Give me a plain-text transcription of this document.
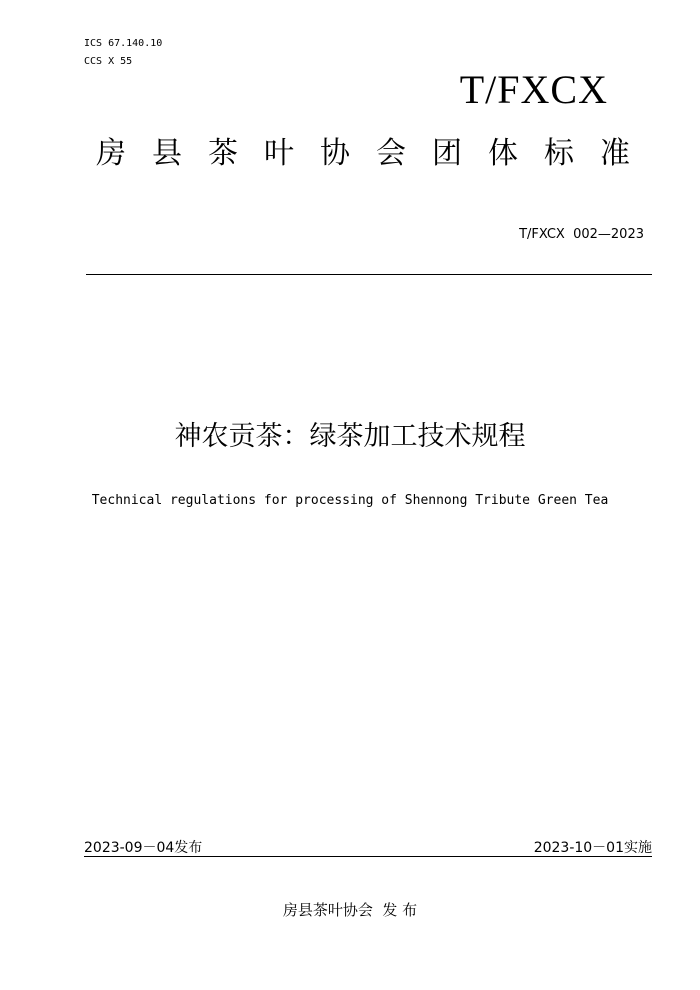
ICS 67.140.10
CCS X 55
T/FXCX
房 县 茶 叶 协 会 团 体 标 准
T/FXCX  002—2023
神农贡茶：绿茶加工技术规程
Technical regulations for processing of Shennong Tribute Green Tea
2023-09－04发布	2023-10－01实施
房县茶叶协会  发 布
